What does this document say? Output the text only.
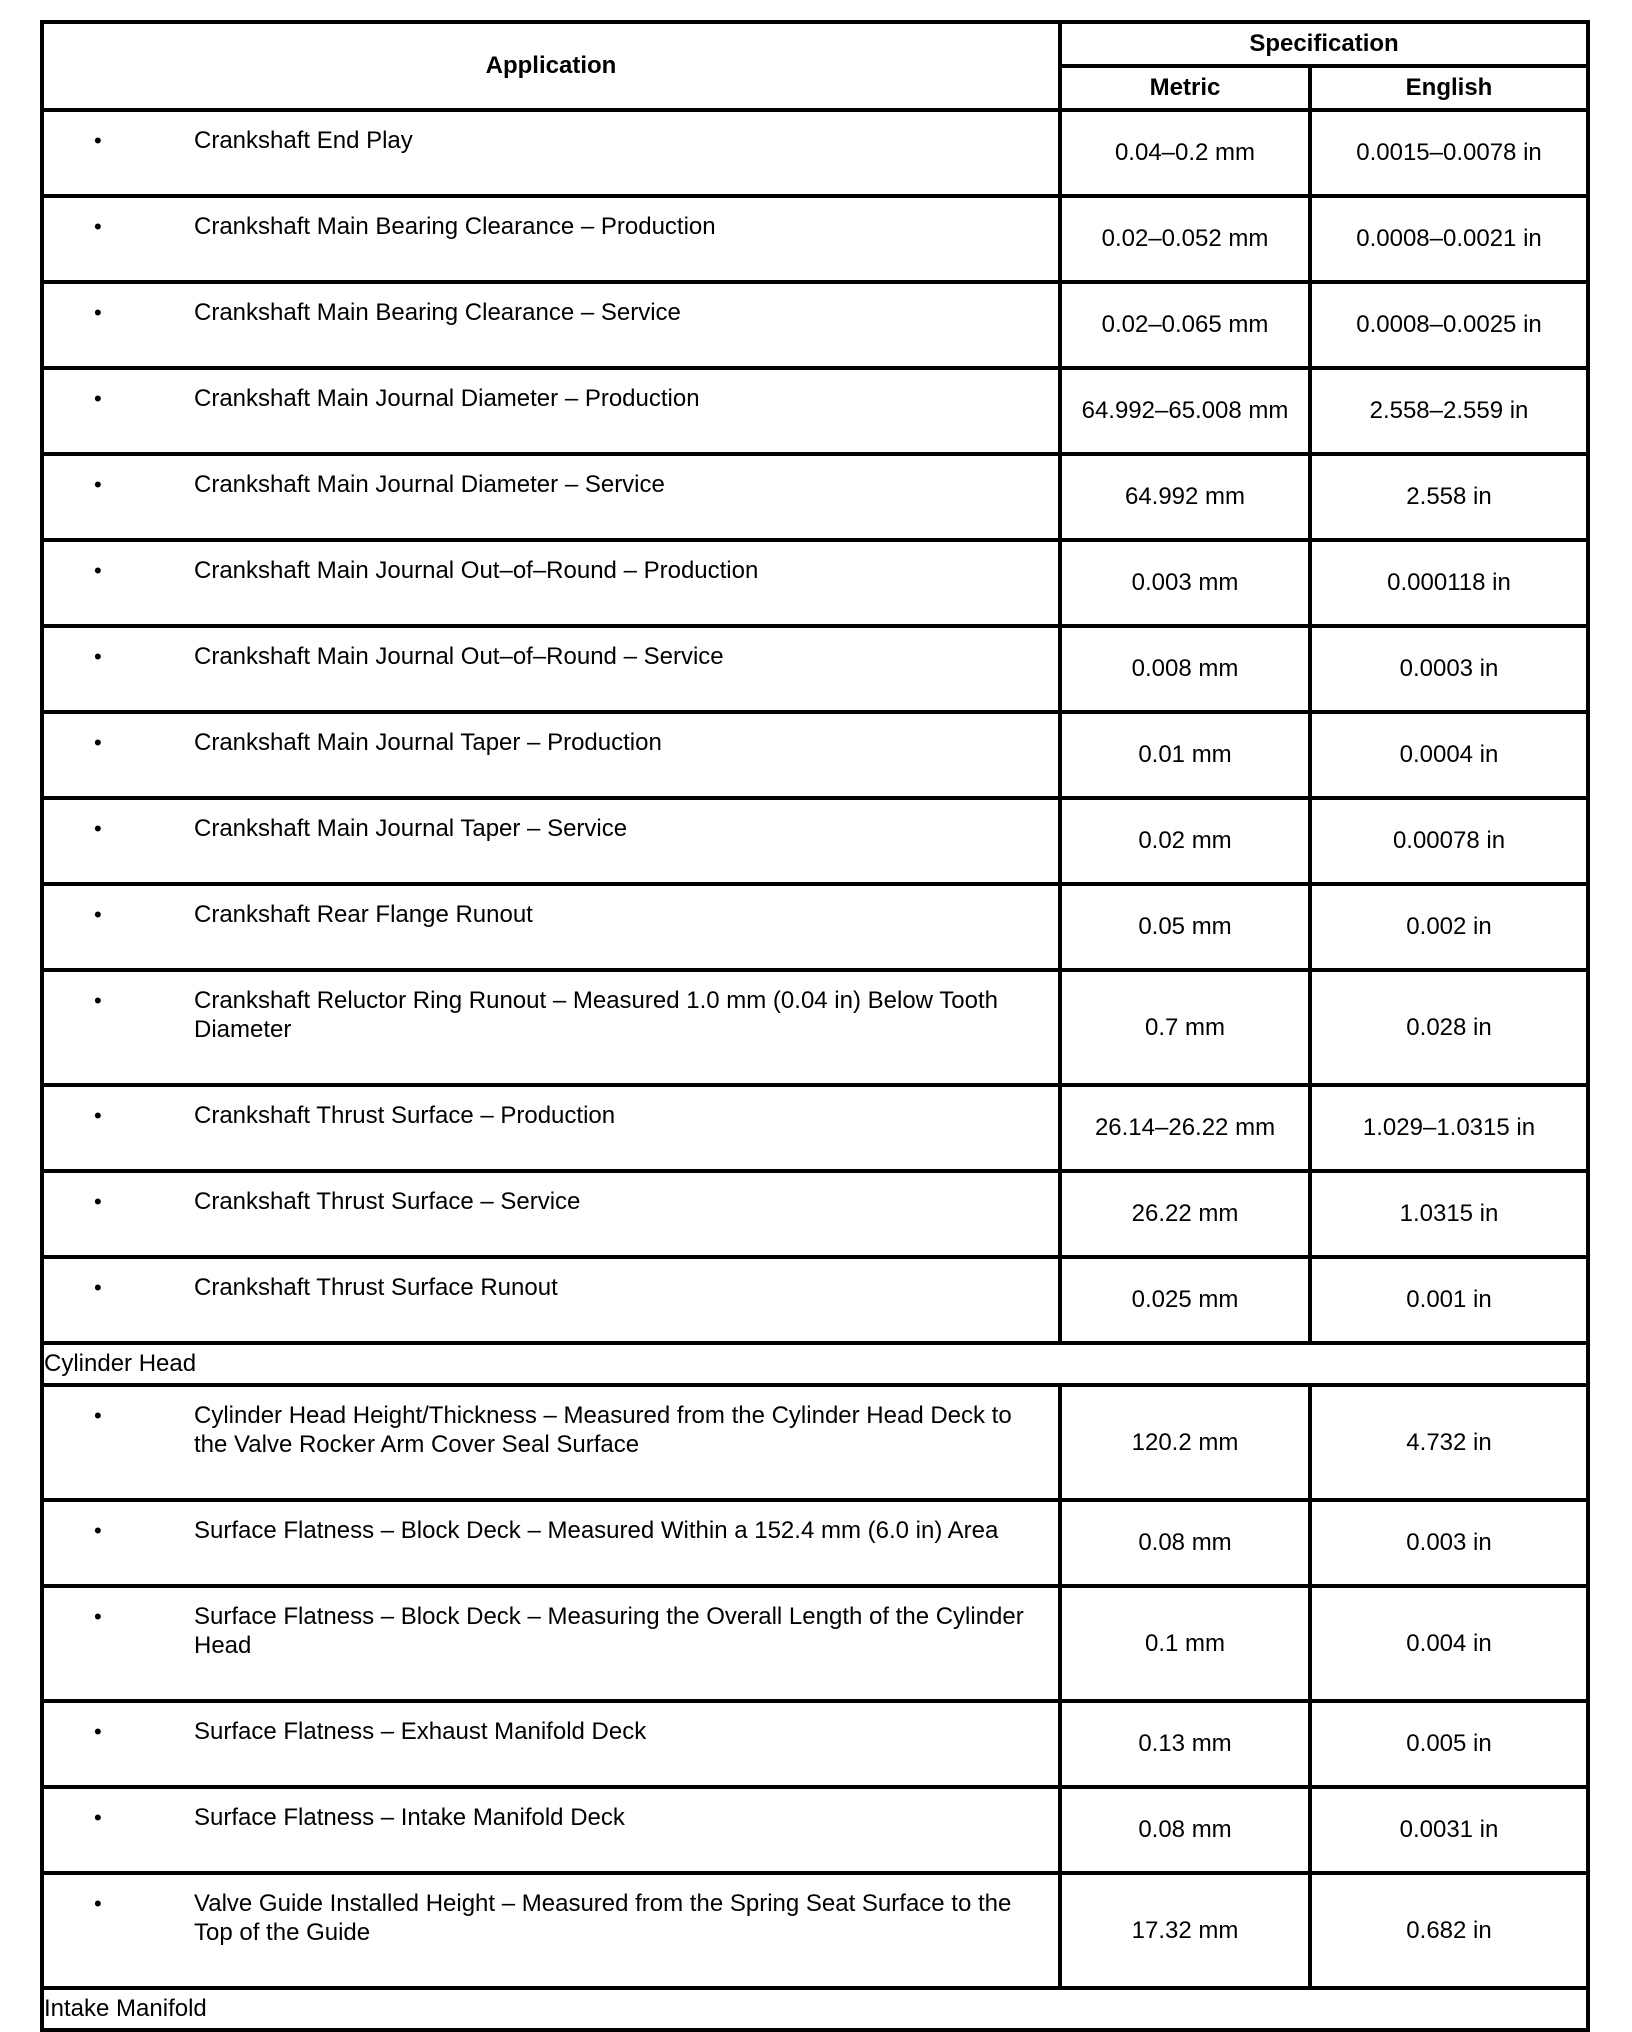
Application	Specification	
	Metric	English

• Crankshaft End Play	0.04–0.2 mm	0.0015–0.0078 in

• Crankshaft Main Bearing Clearance – Production	0.02–0.052 mm	0.0008–0.0021 in

• Crankshaft Main Bearing Clearance – Service	0.02–0.065 mm	0.0008–0.0025 in

• Crankshaft Main Journal Diameter – Production	64.992–65.008 mm	2.558–2.559 in

• Crankshaft Main Journal Diameter – Service	64.992 mm	2.558 in

• Crankshaft Main Journal Out–of–Round – Production	0.003 mm	0.000118 in

• Crankshaft Main Journal Out–of–Round – Service	0.008 mm	0.0003 in

• Crankshaft Main Journal Taper – Production	0.01 mm	0.0004 in

• Crankshaft Main Journal Taper – Service	0.02 mm	0.00078 in

• Crankshaft Rear Flange Runout	0.05 mm	0.002 in

• Crankshaft Reluctor Ring Runout – Measured 1.0 mm (0.04 in) Below Tooth Diameter	0.7 mm	0.028 in

• Crankshaft Thrust Surface – Production	26.14–26.22 mm	1.029–1.0315 in

• Crankshaft Thrust Surface – Service	26.22 mm	1.0315 in

• Crankshaft Thrust Surface Runout	0.025 mm	0.001 in
Cylinder Head		

• Cylinder Head Height/Thickness – Measured from the Cylinder Head Deck to the Valve Rocker Arm Cover Seal Surface	120.2 mm	4.732 in

• Surface Flatness – Block Deck – Measured Within a 152.4 mm (6.0 in) Area	0.08 mm	0.003 in

• Surface Flatness – Block Deck – Measuring the Overall Length of the Cylinder Head	0.1 mm	0.004 in

• Surface Flatness – Exhaust Manifold Deck	0.13 mm	0.005 in

• Surface Flatness – Intake Manifold Deck	0.08 mm	0.0031 in

• Valve Guide Installed Height – Measured from the Spring Seat Surface to the Top of the Guide	17.32 mm	0.682 in
Intake Manifold		
